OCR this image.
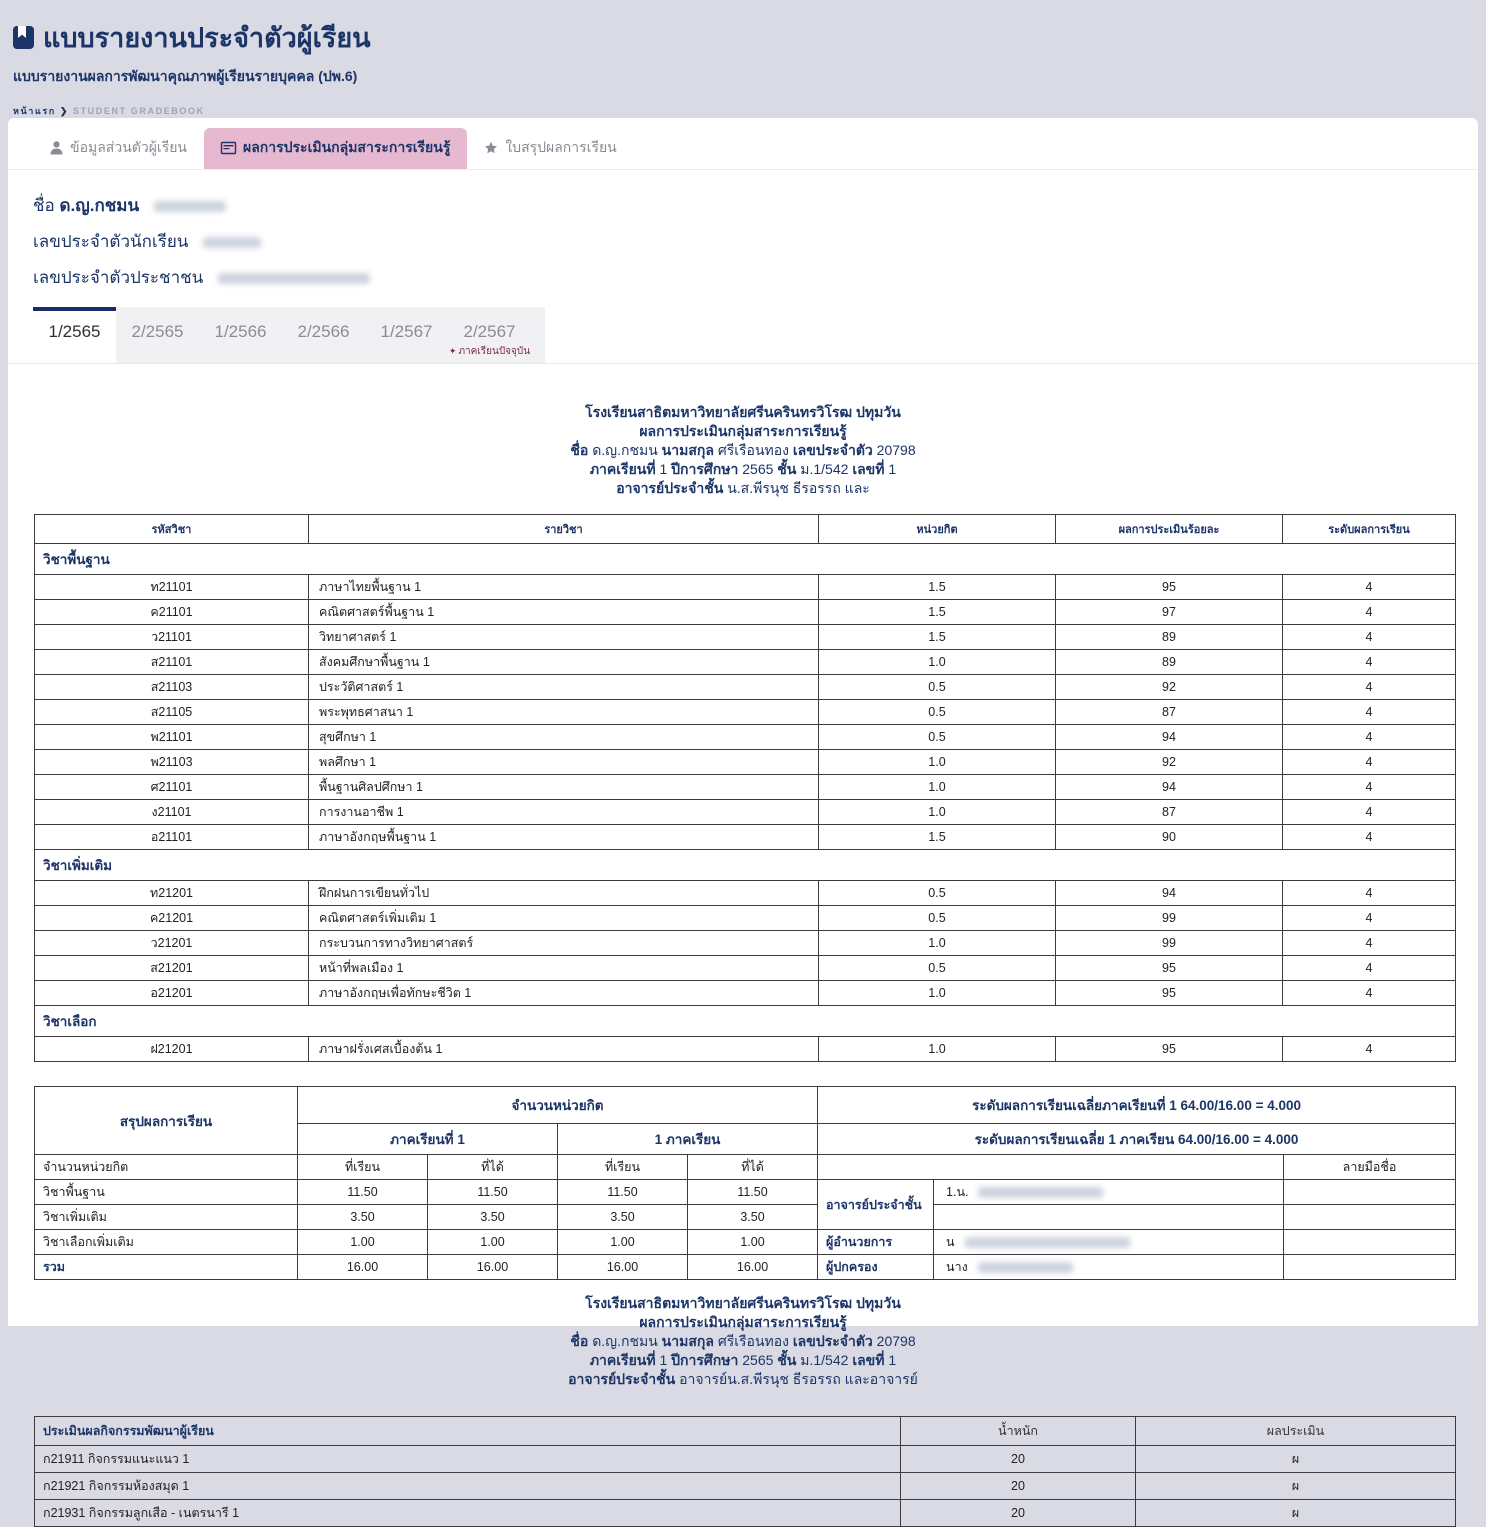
แบบรายงานประจำตัวผู้เรียน
แบบรายงานผลการพัฒนาคุณภาพผู้เรียนรายบุคคล (ปพ.6)
หน้าแรก ❯ STUDENT GRADEBOOK
ข้อมูลส่วนตัวผู้เรียน	ผลการประเมินกลุ่มสาระการเรียนรู้	ใบสรุปผลการเรียน
ชื่อ ด.ญ.กชมน
เลขประจำตัวนักเรียน
เลขประจำตัวประชาชน
1/2565	2/2565	1/2566	2/2566	1/2567	2/2567
✦ ภาคเรียนปัจจุบัน
โรงเรียนสาธิตมหาวิทยาลัยศรีนครินทรวิโรฒ ปทุมวัน
ผลการประเมินกลุ่มสาระการเรียนรู้
ชื่อ ด.ญ.กชมน นามสกุล ศรีเรือนทอง เลขประจำตัว 20798
ภาคเรียนที่ 1 ปีการศึกษา 2565 ชั้น ม.1/542 เลขที่ 1
อาจารย์ประจำชั้น น.ส.พีรนุช ธีรอรรถ และ
รหัสวิชา	รายวิชา	หน่วยกิต	ผลการประเมินร้อยละ	ระดับผลการเรียน
วิชาพื้นฐาน				
ท21101	ภาษาไทยพื้นฐาน 1	1.5	95	4
ค21101	คณิตศาสตร์พื้นฐาน 1	1.5	97	4
ว21101	วิทยาศาสตร์ 1	1.5	89	4
ส21101	สังคมศึกษาพื้นฐาน 1	1.0	89	4
ส21103	ประวัติศาสตร์ 1	0.5	92	4
ส21105	พระพุทธศาสนา 1	0.5	87	4
พ21101	สุขศึกษา 1	0.5	94	4
พ21103	พลศึกษา 1	1.0	92	4
ศ21101	พื้นฐานศิลปศึกษา 1	1.0	94	4
ง21101	การงานอาชีพ 1	1.0	87	4
อ21101	ภาษาอังกฤษพื้นฐาน 1	1.5	90	4
วิชาเพิ่มเติม				
ท21201	ฝึกฝนการเขียนทั่วไป	0.5	94	4
ค21201	คณิตศาสตร์เพิ่มเติม 1	0.5	99	4
ว21201	กระบวนการทางวิทยาศาสตร์	1.0	99	4
ส21201	หน้าที่พลเมือง 1	0.5	95	4
อ21201	ภาษาอังกฤษเพื่อทักษะชีวิต 1	1.0	95	4
วิชาเลือก				
ฝ21201	ภาษาฝรั่งเศสเบื้องต้น 1	1.0	95	4
สรุปผลการเรียน	จำนวนหน่วยกิต				ระดับผลการเรียนเฉลี่ยภาคเรียนที่ 1 64.00/16.00 = 4.000		
	ภาคเรียนที่ 1		1 ภาคเรียน		ระดับผลการเรียนเฉลี่ย 1 ภาคเรียน 64.00/16.00 = 4.000		
จำนวนหน่วยกิต	ที่เรียน	ที่ได้	ที่เรียน	ที่ได้			ลายมือชื่อ
วิชาพื้นฐาน	11.50	11.50	11.50	11.50	อาจารย์ประจำชั้น	1.น.	
วิชาเพิ่มเติม	3.50	3.50	3.50	3.50			
วิชาเลือกเพิ่มเติม	1.00	1.00	1.00	1.00	ผู้อำนวยการ	น	
รวม	16.00	16.00	16.00	16.00	ผู้ปกครอง	นาง	
โรงเรียนสาธิตมหาวิทยาลัยศรีนครินทรวิโรฒ ปทุมวัน
ผลการประเมินกลุ่มสาระการเรียนรู้
ชื่อ ด.ญ.กชมน นามสกุล ศรีเรือนทอง เลขประจำตัว 20798
ภาคเรียนที่ 1 ปีการศึกษา 2565 ชั้น ม.1/542 เลขที่ 1
อาจารย์ประจำชั้น อาจารย์น.ส.พีรนุช ธีรอรรถ และอาจารย์
ประเมินผลกิจกรรมพัฒนาผู้เรียน	น้ำหนัก	ผลประเมิน
ก21911 กิจกรรมแนะแนว 1	20	ผ
ก21921 กิจกรรมห้องสมุด 1	20	ผ
ก21931 กิจกรรมลูกเสือ - เนตรนารี 1	20	ผ
